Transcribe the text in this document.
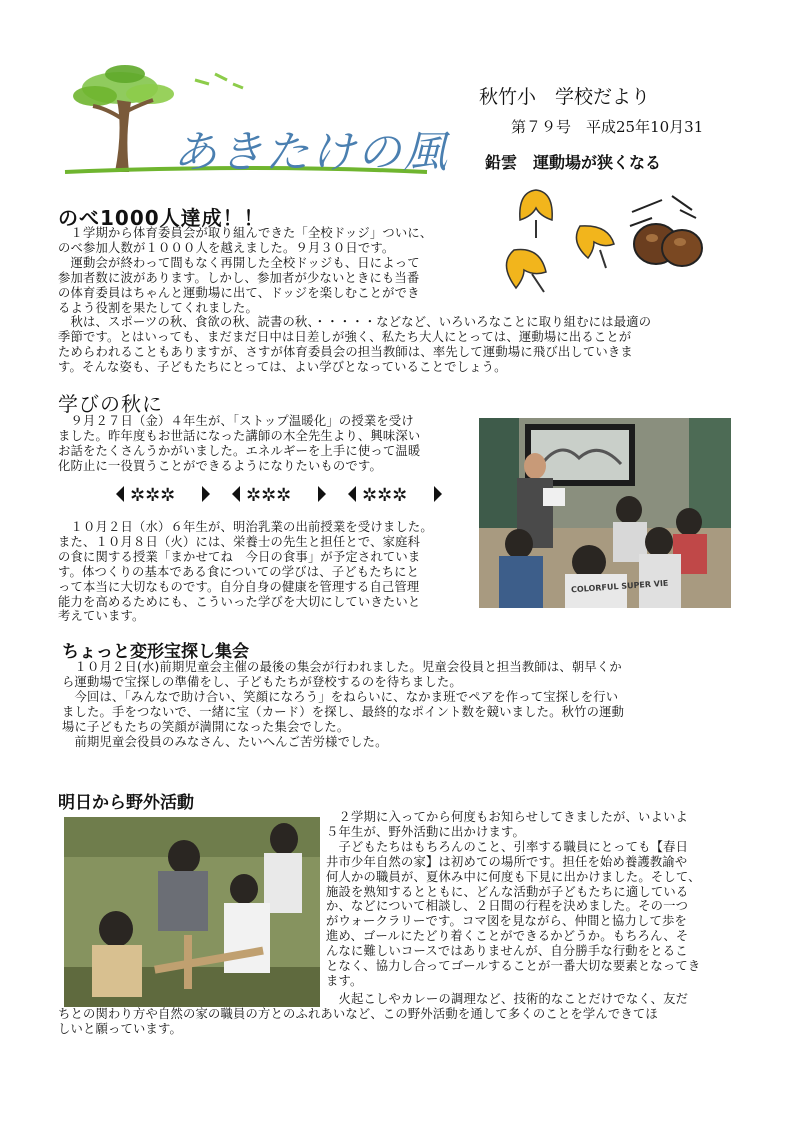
あきたけの風
秋竹小　学校だより
第７９号　平成25年10月31
鉛雲　運動場が狭くなる
のべ1000人達成！！
　１学期から体育委員会が取り組んできた「全校ドッジ」ついに、
のべ参加人数が１０００人を越えました。９月３０日です。
　運動会が終わって間もなく再開した全校ドッジも、日によって
参加者数に波があります。しかし、参加者が少ないときにも当番
の体育委員はちゃんと運動場に出て、ドッジを楽しむことができ
るよう役割を果たしてくれました。
　秋は、スポーツの秋、食欲の秋、読書の秋、・・・・・などなど、いろいろなことに取り組むには最適の
季節です。とはいっても、まだまだ日中は日差しが強く、私たち大人にとっては、運動場に出ることが
ためらわれることもありますが、さすが体育委員会の担当教師は、率先して運動場に飛び出していきま
す。そんな姿も、子どもたちにとっては、よい学びとなっていることでしょう。
学びの秋に
　９月２７日（金）４年生が、「ストップ温暖化」の授業を受け
ました。昨年度もお世話になった講師の木全先生より、興味深い
お話をたくさんうかがいました。エネルギーを上手に使って温暖
化防止に一役買うことができるようになりたいものです。
✲✲✲
　１０月２日（水）６年生が、明治乳業の出前授業を受けました。
また、１０月８日（火）には、栄養士の先生と担任とで、家庭科
の食に関する授業「まかせてね　今日の食事」が予定されていま
す。体つくりの基本である食についての学びは、子どもたちにと
って本当に大切なものです。自分自身の健康を管理する自己管理
能力を高めるためにも、こういった学びを大切にしていきたいと
考えています。
COLORFUL SUPER VIE
ちょっと変形宝探し集会
　１０月２日(水)前期児童会主催の最後の集会が行われました。児童会役員と担当教師は、朝早くか
ら運動場で宝探しの準備をし、子どもたちが登校するのを待ちました。
　今回は、「みんなで助け合い、笑顔になろう」をねらいに、なかま班でペアを作って宝探しを行い
ました。手をつないで、一緒に宝（カード）を探し、最終的なポイント数を競いました。秋竹の運動
場に子どもたちの笑顔が満開になった集会でした。
　前期児童会役員のみなさん、たいへんご苦労様でした。
明日から野外活動
　２学期に入ってから何度もお知らせしてきましたが、いよいよ
５年生が、野外活動に出かけます。
　子どもたちはもちろんのこと、引率する職員にとっても【春日
井市少年自然の家】は初めての場所です。担任を始め養護教諭や
何人かの職員が、夏休み中に何度も下見に出かけました。そして、
施設を熟知するとともに、どんな活動が子どもたちに適している
か、などについて相談し、２日間の行程を決めました。その一つ
がウォークラリーです。コマ図を見ながら、仲間と協力して歩を
進め、ゴールにたどり着くことができるかどうか。もちろん、そ
んなに難しいコースではありませんが、自分勝手な行動をとるこ
となく、協力し合ってゴールすることが一番大切な要素となってき
ます。
　火起こしやカレーの調理など、技術的なことだけでなく、友だ
ちとの関わり方や自然の家の職員の方とのふれあいなど、この野外活動を通して多くのことを学んできてほ
しいと願っています。
